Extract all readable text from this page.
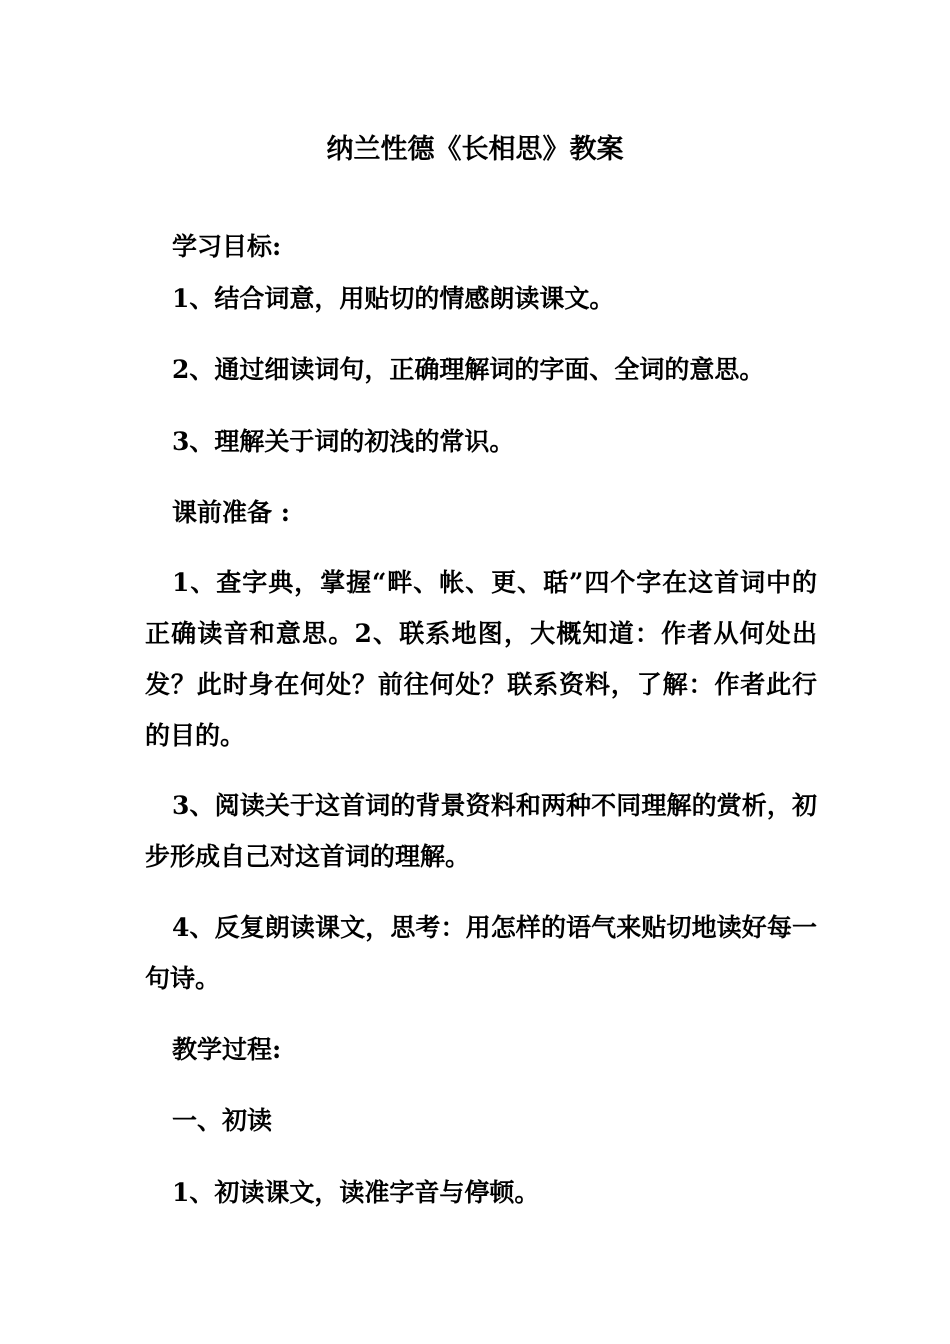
纳兰性德《长相思》教案
学习目标:
1、结合词意，用贴切的情感朗读课文。
2、通过细读词句，正确理解词的字面、全词的意思。
3、理解关于词的初浅的常识。
课前准备 :

1、查字典，掌握“畔、帐、更、聒”四个字在这首词中的正确读音和意思。2、联系地图，大概知道：作者从何处出发？此时身在何处？前往何处？联系资料，了解：作者此行的目的。

3、阅读关于这首词的背景资料和两种不同理解的赏析，初步形成自己对这首词的理解。

4、反复朗读课文，思考：用怎样的语气来贴切地读好每一句诗。

教学过程:
一、初读
1、初读课文，读准字音与停顿。
